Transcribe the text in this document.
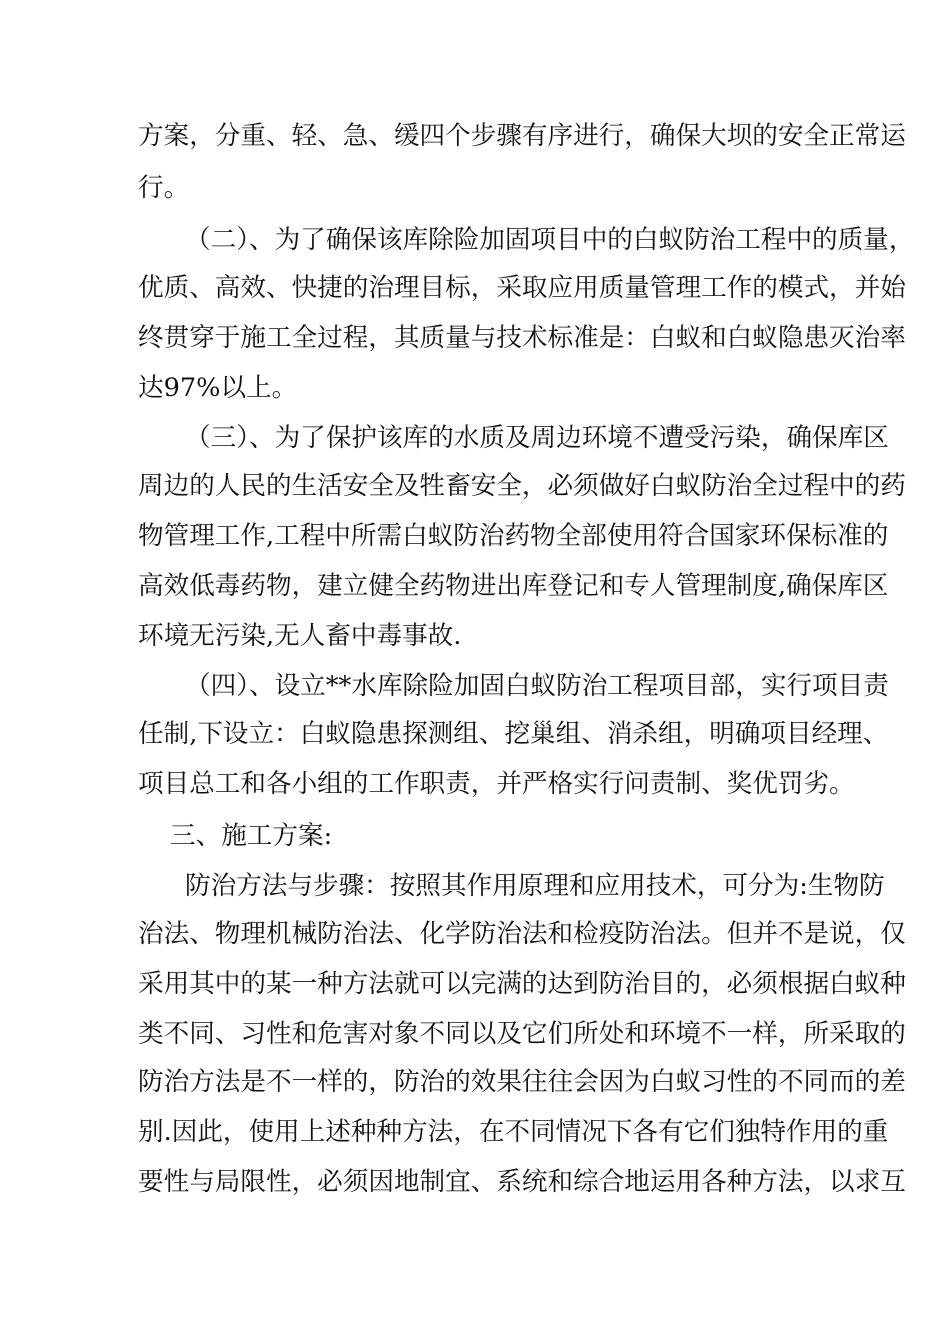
方案，分重、轻、急、缓四个步骤有序进行，确保大坝的安全正常运
行。
（二）、为了确保该库除险加固项目中的白蚁防治工程中的质量，
优质、高效、快捷的治理目标，采取应用质量管理工作的模式，并始
终贯穿于施工全过程，其质量与技术标准是：白蚁和白蚁隐患灭治率
达97%以上。
（三）、为了保护该库的水质及周边环境不遭受污染，确保库区
周边的人民的生活安全及牲畜安全，必须做好白蚁防治全过程中的药
物管理工作,工程中所需白蚁防治药物全部使用符合国家环保标准的
高效低毒药物，建立健全药物进出库登记和专人管理制度,确保库区
环境无污染,无人畜中毒事故.
（四）、设立**水库除险加固白蚁防治工程项目部，实行项目责
任制,下设立：白蚁隐患探测组、挖巢组、消杀组，明确项目经理、
项目总工和各小组的工作职责，并严格实行问责制、奖优罚劣。
三、施工方案:
防治方法与步骤：按照其作用原理和应用技术，可分为:生物防
治法、物理机械防治法、化学防治法和检疫防治法。但并不是说，仅
采用其中的某一种方法就可以完满的达到防治目的，必须根据白蚁种
类不同、习性和危害对象不同以及它们所处和环境不一样，所采取的
防治方法是不一样的，防治的效果往往会因为白蚁习性的不同而的差
别.因此，使用上述种种方法，在不同情况下各有它们独特作用的重
要性与局限性，必须因地制宜、系统和综合地运用各种方法，以求互
